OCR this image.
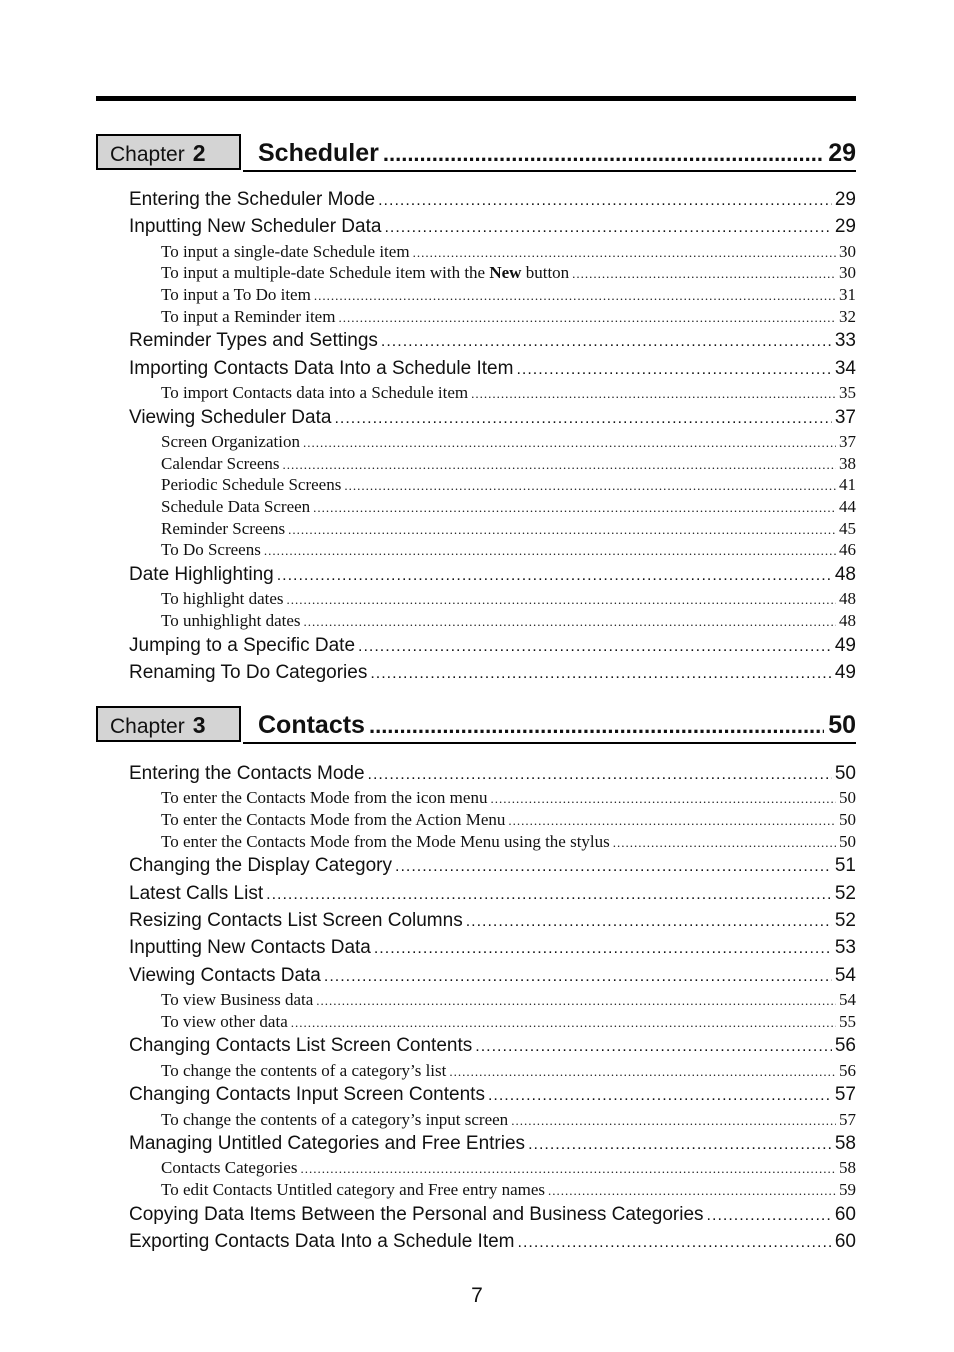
Chapter 2	Scheduler .....	29
Entering the Scheduler Mode .....	29
Inputting New Scheduler Data .....	29
To input a single-date Schedule item .....	30
To input a multiple-date Schedule item with the New button .....	30
To input a To Do item .....	31
To input a Reminder item .....	32
Reminder Types and Settings .....	33
Importing Contacts Data Into a Schedule Item .....	34
To import Contacts data into a Schedule item .....	35
Viewing Scheduler Data .....	37
Screen Organization .....	37
Calendar Screens .....	38
Periodic Schedule Screens .....	41
Schedule Data Screen .....	44
Reminder Screens .....	45
To Do Screens .....	46
Date Highlighting .....	48
To highlight dates .....	48
To unhighlight dates .....	48
Jumping to a Specific Date .....	49
Renaming To Do Categories .....	49
Chapter 3	Contacts .....	50
Entering the Contacts Mode .....	50
To enter the Contacts Mode from the icon menu .....	50
To enter the Contacts Mode from the Action Menu .....	50
To enter the Contacts Mode from the Mode Menu using the stylus .....	50
Changing the Display Category .....	51
Latest Calls List .....	52
Resizing Contacts List Screen Columns .....	52
Inputting New Contacts Data .....	53
Viewing Contacts Data .....	54
To view Business data .....	54
To view other data .....	55
Changing Contacts List Screen Contents .....	56
To change the contents of a category’s list .....	56
Changing Contacts Input Screen Contents .....	57
To change the contents of a category’s input screen .....	57
Managing Untitled Categories and Free Entries .....	58
Contacts Categories .....	58
To edit Contacts Untitled category and Free entry names .....	59
Copying Data Items Between the Personal and Business Categories .....	60
Exporting Contacts Data Into a Schedule Item .....	60
7
